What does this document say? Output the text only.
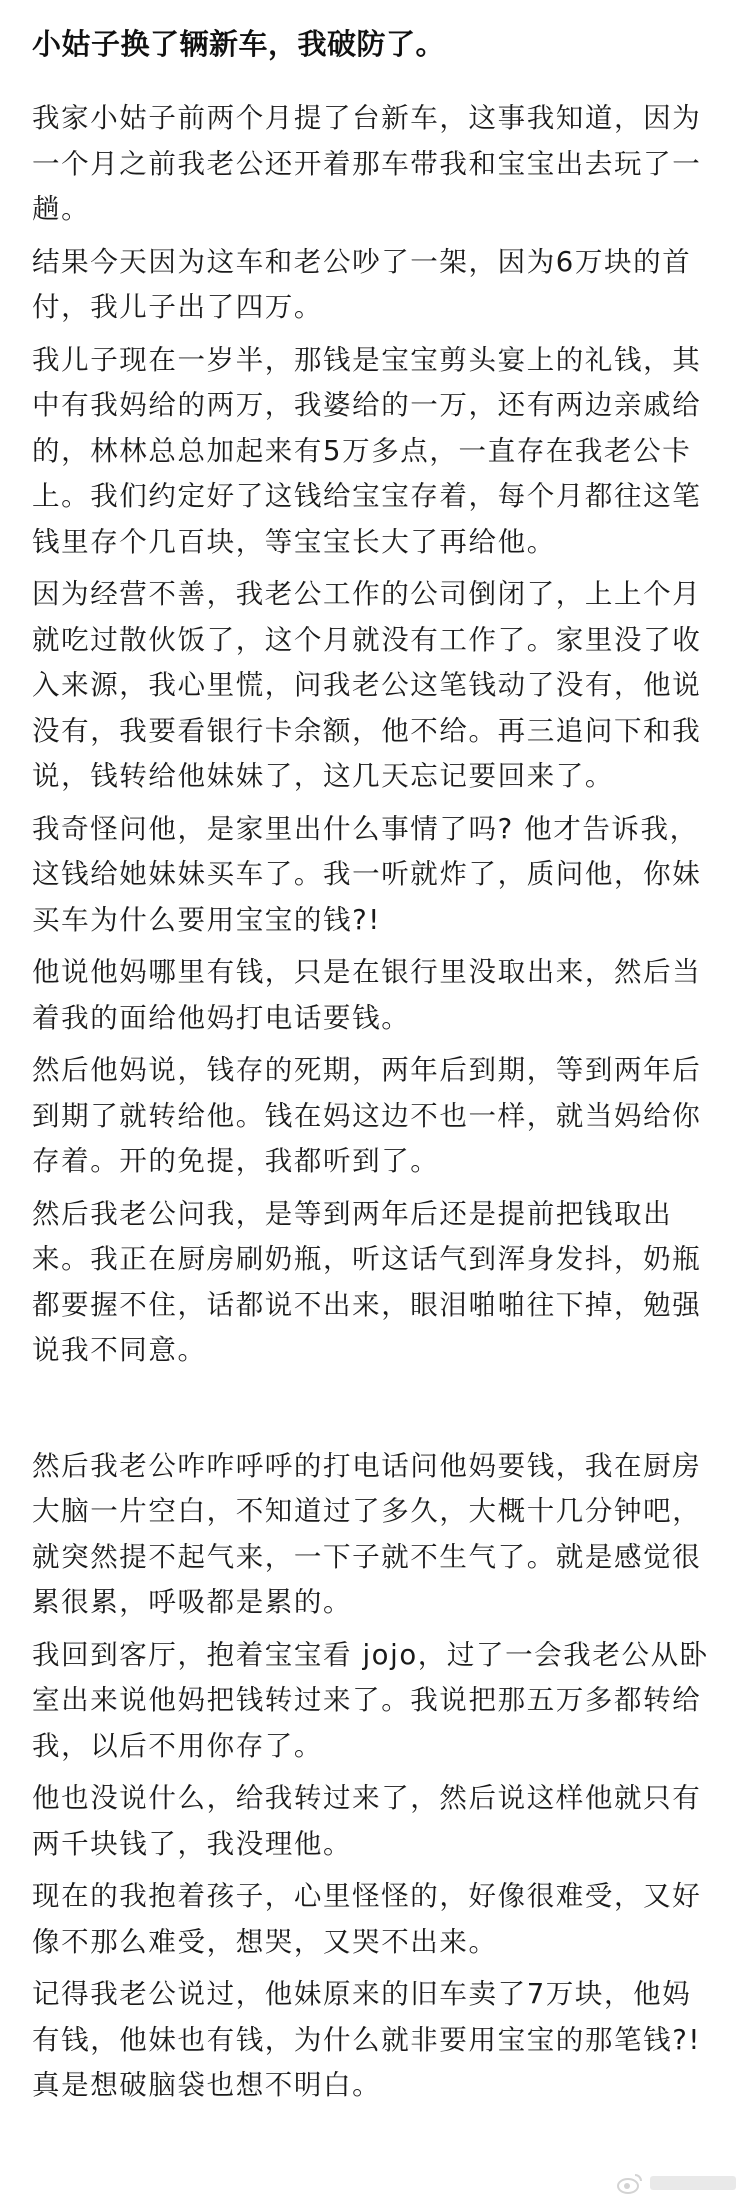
小姑子换了辆新车，我破防了。

我家小姑子前两个月提了台新车，这事我知道，因为一个月之前我老公还开着那车带我和宝宝出去玩了一趟。

结果今天因为这车和老公吵了一架，因为6万块的首付，我儿子出了四万。

我儿子现在一岁半，那钱是宝宝剪头宴上的礼钱，其中有我妈给的两万，我婆给的一万，还有两边亲戚给的，林林总总加起来有5万多点，一直存在我老公卡上。我们约定好了这钱给宝宝存着，每个月都往这笔钱里存个几百块，等宝宝长大了再给他。

因为经营不善，我老公工作的公司倒闭了，上上个月 就吃过散伙饭了，这个月就没有工作了。家里没了收入来源，我心里慌，问我老公这笔钱动了没有，他说没有，我要看银行卡余额，他不给。再三追问下和我说，钱转给他妹妹了，这几天忘记要回来了。

我奇怪问他，是家里出什么事情了吗? 他才告诉我，这钱给她妹妹买车了。我一听就炸了，质问他，你妹买车为什么要用宝宝的钱?!

他说他妈哪里有钱，只是在银行里没取出来，然后当着我的面给他妈打电话要钱。

然后他妈说，钱存的死期，两年后到期，等到两年后到期了就转给他。钱在妈这边不也一样，就当妈给你存着。开的免提，我都听到了。

然后我老公问我，是等到两年后还是提前把钱取出来。我正在厨房刷奶瓶，听这话气到浑身发抖，奶瓶都要握不住，话都说不出来，眼泪啪啪往下掉，勉强说我不同意。

然后我老公咋咋呼呼的打电话问他妈要钱，我在厨房大脑一片空白，不知道过了多久，大概十几分钟吧，就突然提不起气来，一下子就不生气了。就是感觉很累很累，呼吸都是累的。

我回到客厅，抱着宝宝看 jojo，过了一会我老公从卧室出来说他妈把钱转过来了。我说把那五万多都转给我，以后不用你存了。

他也没说什么，给我转过来了，然后说这样他就只有两千块钱了，我没理他。

现在的我抱着孩子，心里怪怪的，好像很难受，又好像不那么难受，想哭，又哭不出来。

记得我老公说过，他妹原来的旧车卖了7万块，他妈有钱，他妹也有钱，为什么就非要用宝宝的那笔钱?! 真是想破脑袋也想不明白。
